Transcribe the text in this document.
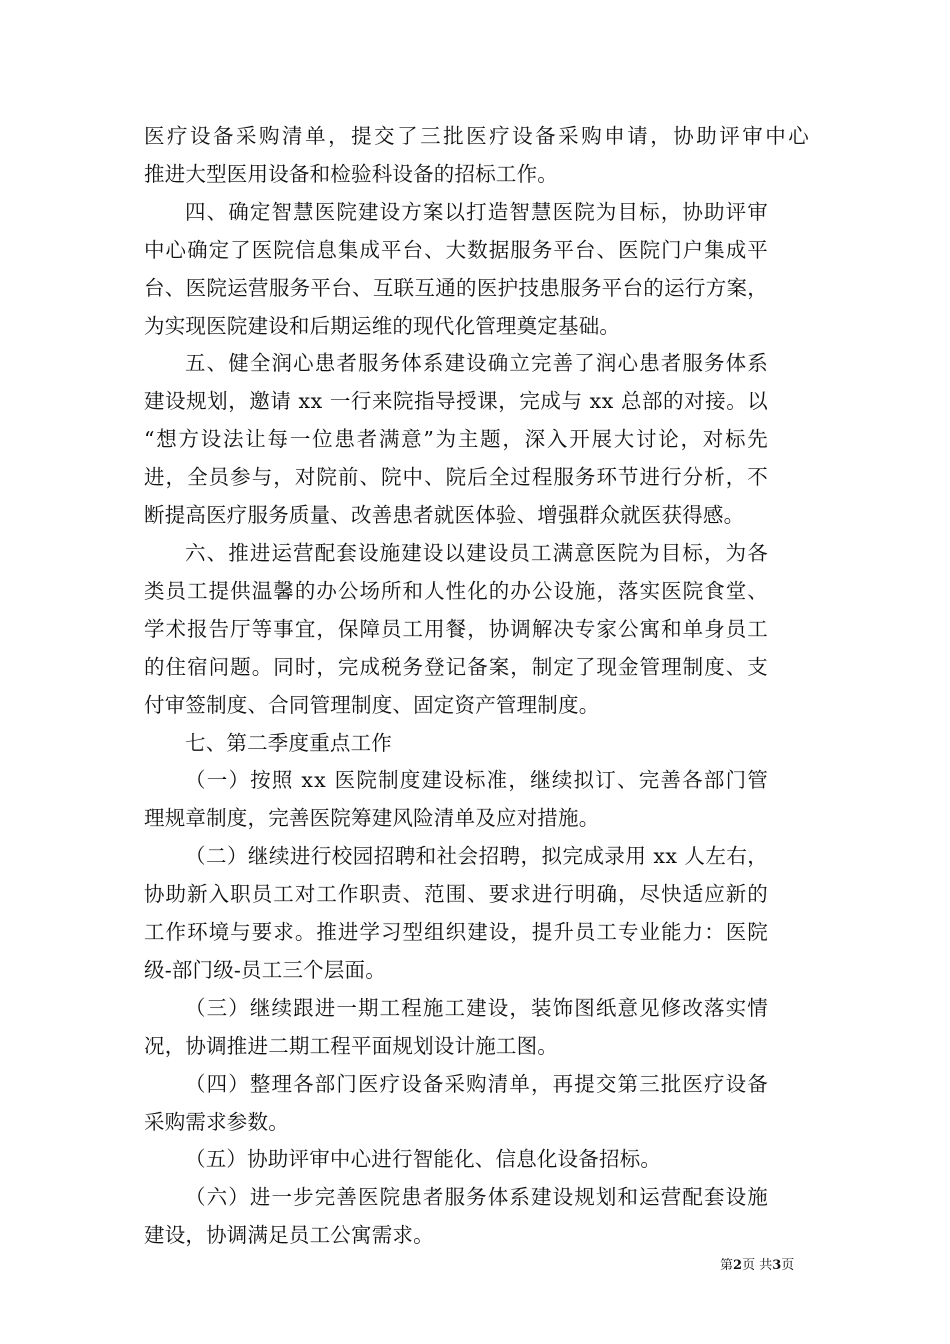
医疗设备采购清单，提交了三批医疗设备采购申请，协助评审中心
推进大型医用设备和检验科设备的招标工作。

四、确定智慧医院建设方案以打造智慧医院为目标，协助评审
中心确定了医院信息集成平台、大数据服务平台、医院门户集成平
台、医院运营服务平台、互联互通的医护技患服务平台的运行方案，
为实现医院建设和后期运维的现代化管理奠定基础。

五、健全润心患者服务体系建设确立完善了润心患者服务体系
建设规划，邀请 xx 一行来院指导授课，完成与 xx 总部的对接。以
“想方设法让每一位患者满意”为主题，深入开展大讨论，对标先
进，全员参与，对院前、院中、院后全过程服务环节进行分析，不
断提高医疗服务质量、改善患者就医体验、增强群众就医获得感。

六、推进运营配套设施建设以建设员工满意医院为目标，为各
类员工提供温馨的办公场所和人性化的办公设施，落实医院食堂、
学术报告厅等事宜，保障员工用餐，协调解决专家公寓和单身员工
的住宿问题。同时，完成税务登记备案，制定了现金管理制度、支
付审签制度、合同管理制度、固定资产管理制度。

七、第二季度重点工作

（一）按照 xx 医院制度建设标准，继续拟订、完善各部门管
理规章制度，完善医院筹建风险清单及应对措施。

（二）继续进行校园招聘和社会招聘，拟完成录用 xx 人左右，
协助新入职员工对工作职责、范围、要求进行明确，尽快适应新的
工作环境与要求。推进学习型组织建设，提升员工专业能力：医院
级-部门级-员工三个层面。

（三）继续跟进一期工程施工建设，装饰图纸意见修改落实情
况，协调推进二期工程平面规划设计施工图。

（四）整理各部门医疗设备采购清单，再提交第三批医疗设备
采购需求参数。

（五）协助评审中心进行智能化、信息化设备招标。

（六）进一步完善医院患者服务体系建设规划和运营配套设施
建设，协调满足员工公寓需求。

第2页 共3页
